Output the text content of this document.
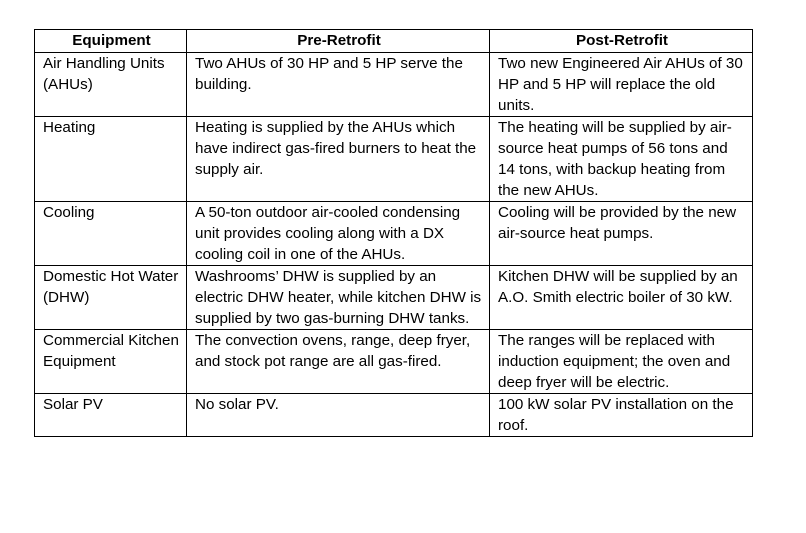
Equipment	Pre-Retrofit	Post-Retrofit
Air Handling Units (AHUs)	Two AHUs of 30 HP and 5 HP serve the building.	Two new Engineered Air AHUs of 30 HP and 5 HP will replace the old units.
Heating	Heating is supplied by the AHUs which have indirect gas-fired burners to heat the supply air.	The heating will be supplied by air-source heat pumps of 56 tons and 14 tons, with backup heating from the new AHUs.
Cooling	A 50-ton outdoor air-cooled condensing unit provides cooling along with a DX cooling coil in one of the AHUs.	Cooling will be provided by the new air-source heat pumps.
Domestic Hot Water (DHW)	Washrooms’ DHW is supplied by an electric DHW heater, while kitchen DHW is supplied by two gas-burning DHW tanks.	Kitchen DHW will be supplied by an A.O. Smith electric boiler of 30 kW.
Commercial Kitchen Equipment	The convection ovens, range, deep fryer, and stock pot range are all gas-fired.	The ranges will be replaced with induction equipment; the oven and deep fryer will be electric.
Solar PV	No solar PV.	100 kW solar PV installation on the roof.
